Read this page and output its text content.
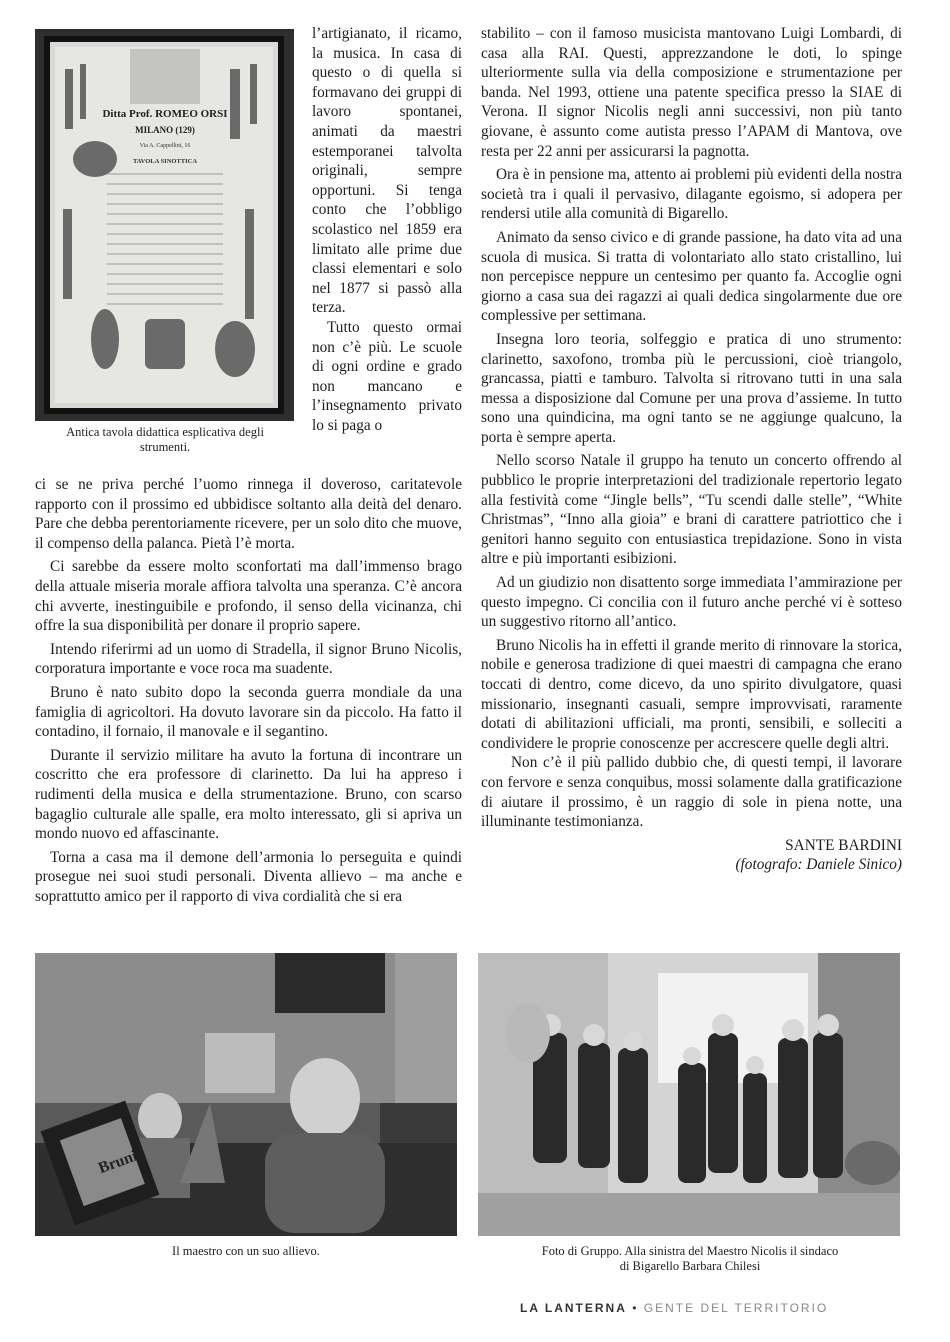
Ditta Prof. ROMEO ORSI
MILANO (129)
Via A. Cappellini, 16
TAVOLA SINOTTICA
Antica tavola didattica esplicativa degli strumenti.

l’artigianato, il ricamo, la musica. In casa di questo o di quella si formavano dei gruppi di lavoro spontanei, animati da maestri estemporanei talvolta originali, sempre opportuni. Si tenga conto che l’obbligo scolastico nel 1859 era limitato alle prime due classi elementari e solo nel 1877 si passò alla terza.

Tutto questo ormai non c’è più. Le scuole di ogni ordine e grado non mancano e l’insegnamento privato lo si paga o

ci se ne priva perché l’uomo rinnega il doveroso, caritatevole rapporto con il prossimo ed ubbidisce soltanto alla deità del denaro. Pare che debba perentoriamente ricevere, per un solo dito che muove, il compenso della palanca. Pietà l’è morta.

Ci sarebbe da essere molto sconfortati ma dall’immenso brago della attuale miseria morale affiora talvolta una speranza. C’è ancora chi avverte, inestinguibile e profondo, il senso della vicinanza, chi offre la sua disponibilità per donare il proprio sapere.

Intendo riferirmi ad un uomo di Stradella, il signor Bruno Nicolis, corporatura importante e voce roca ma suadente.

Bruno è nato subito dopo la seconda guerra mondiale da una famiglia di agricoltori. Ha dovuto lavorare sin da piccolo. Ha fatto il contadino, il fornaio, il manovale e il segantino.

Durante il servizio militare ha avuto la fortuna di incontrare un coscritto che era professore di clarinetto. Da lui ha appreso i rudimenti della musica e della strumentazione. Bruno, con scarso bagaglio culturale alle spalle, era molto interessato, gli si apriva un mondo nuovo ed affascinante.

Torna a casa ma il demone dell’armonia lo perseguita e quindi prosegue nei suoi studi personali. Diventa allievo – ma anche e soprattutto amico per il rapporto di viva cordialità che si era

stabilito – con il famoso musicista mantovano Luigi Lombardi, di casa alla RAI. Questi, apprezzandone le doti, lo spinge ulteriormente sulla via della composizione e strumentazione per banda. Nel 1993, ottiene una patente specifica presso la SIAE di Verona. Il signor Nicolis negli anni successivi, non più tanto giovane, è assunto come autista presso l’APAM di Mantova, ove resta per 22 anni per assicurarsi la pagnotta.

Ora è in pensione ma, attento ai problemi più evidenti della nostra società tra i quali il pervasivo, dilagante egoismo, si adopera per rendersi utile alla comunità di Bigarello.

Animato da senso civico e di grande passione, ha dato vita ad una scuola di musica. Si tratta di volontariato allo stato cristallino, lui non percepisce neppure un centesimo per quanto fa. Accoglie ogni giorno a casa sua dei ragazzi ai quali dedica singolarmente due ore complessive per settimana.

Insegna loro teoria, solfeggio e pratica di uno strumento: clarinetto, saxofono, tromba più le percussioni, cioè triangolo, grancassa, piatti e tamburo. Talvolta si ritrovano tutti in una sala messa a disposizione dal Comune per una prova d’assieme. In tutto sono una quindicina, ma ogni tanto se ne aggiunge qualcuno, la porta è sempre aperta.

Nello scorso Natale il gruppo ha tenuto un concerto offrendo al pubblico le proprie interpretazioni del tradizionale repertorio legato alla festività come “Jingle bells”, “Tu scendi dalle stelle”, “White Christmas”, “Inno alla gioia” e brani di carattere patriottico che i genitori hanno seguito con entusiastica trepidazione. Sono in vista altre e più importanti esibizioni.

Ad un giudizio non disattento sorge immediata l’ammirazione per questo impegno. Ci concilia con il futuro anche perché vi è sotteso un suggestivo ritorno all’antico.

Bruno Nicolis ha in effetti il grande merito di rinnovare la storica, nobile e generosa tradizione di quei maestri di campagna che erano toccati di dentro, come dicevo, da uno spirito divulgatore, quasi missionario, insegnanti casuali, sempre improvvisati, raramente dotati di abilitazioni ufficiali, ma pronti, sensibili, e solleciti a condividere le proprie conoscenze per accrescere quelle degli altri.

Non c’è il più pallido dubbio che, di questi tempi, il lavorare con fervore e senza conquibus, mossi solamente dalla gratificazione di aiutare il prossimo, è un raggio di sole in piena notte, una illuminante testimonianza.

SANTE BARDINI

(fotografo: Daniele Sinico)

Bruni
Il maestro con un suo allievo.	Foto di Gruppo. Alla sinistra del Maestro Nicolis il sindaco di Bigarello Barbara Chilesi
LA LANTERNA • GENTE DEL TERRITORIO
